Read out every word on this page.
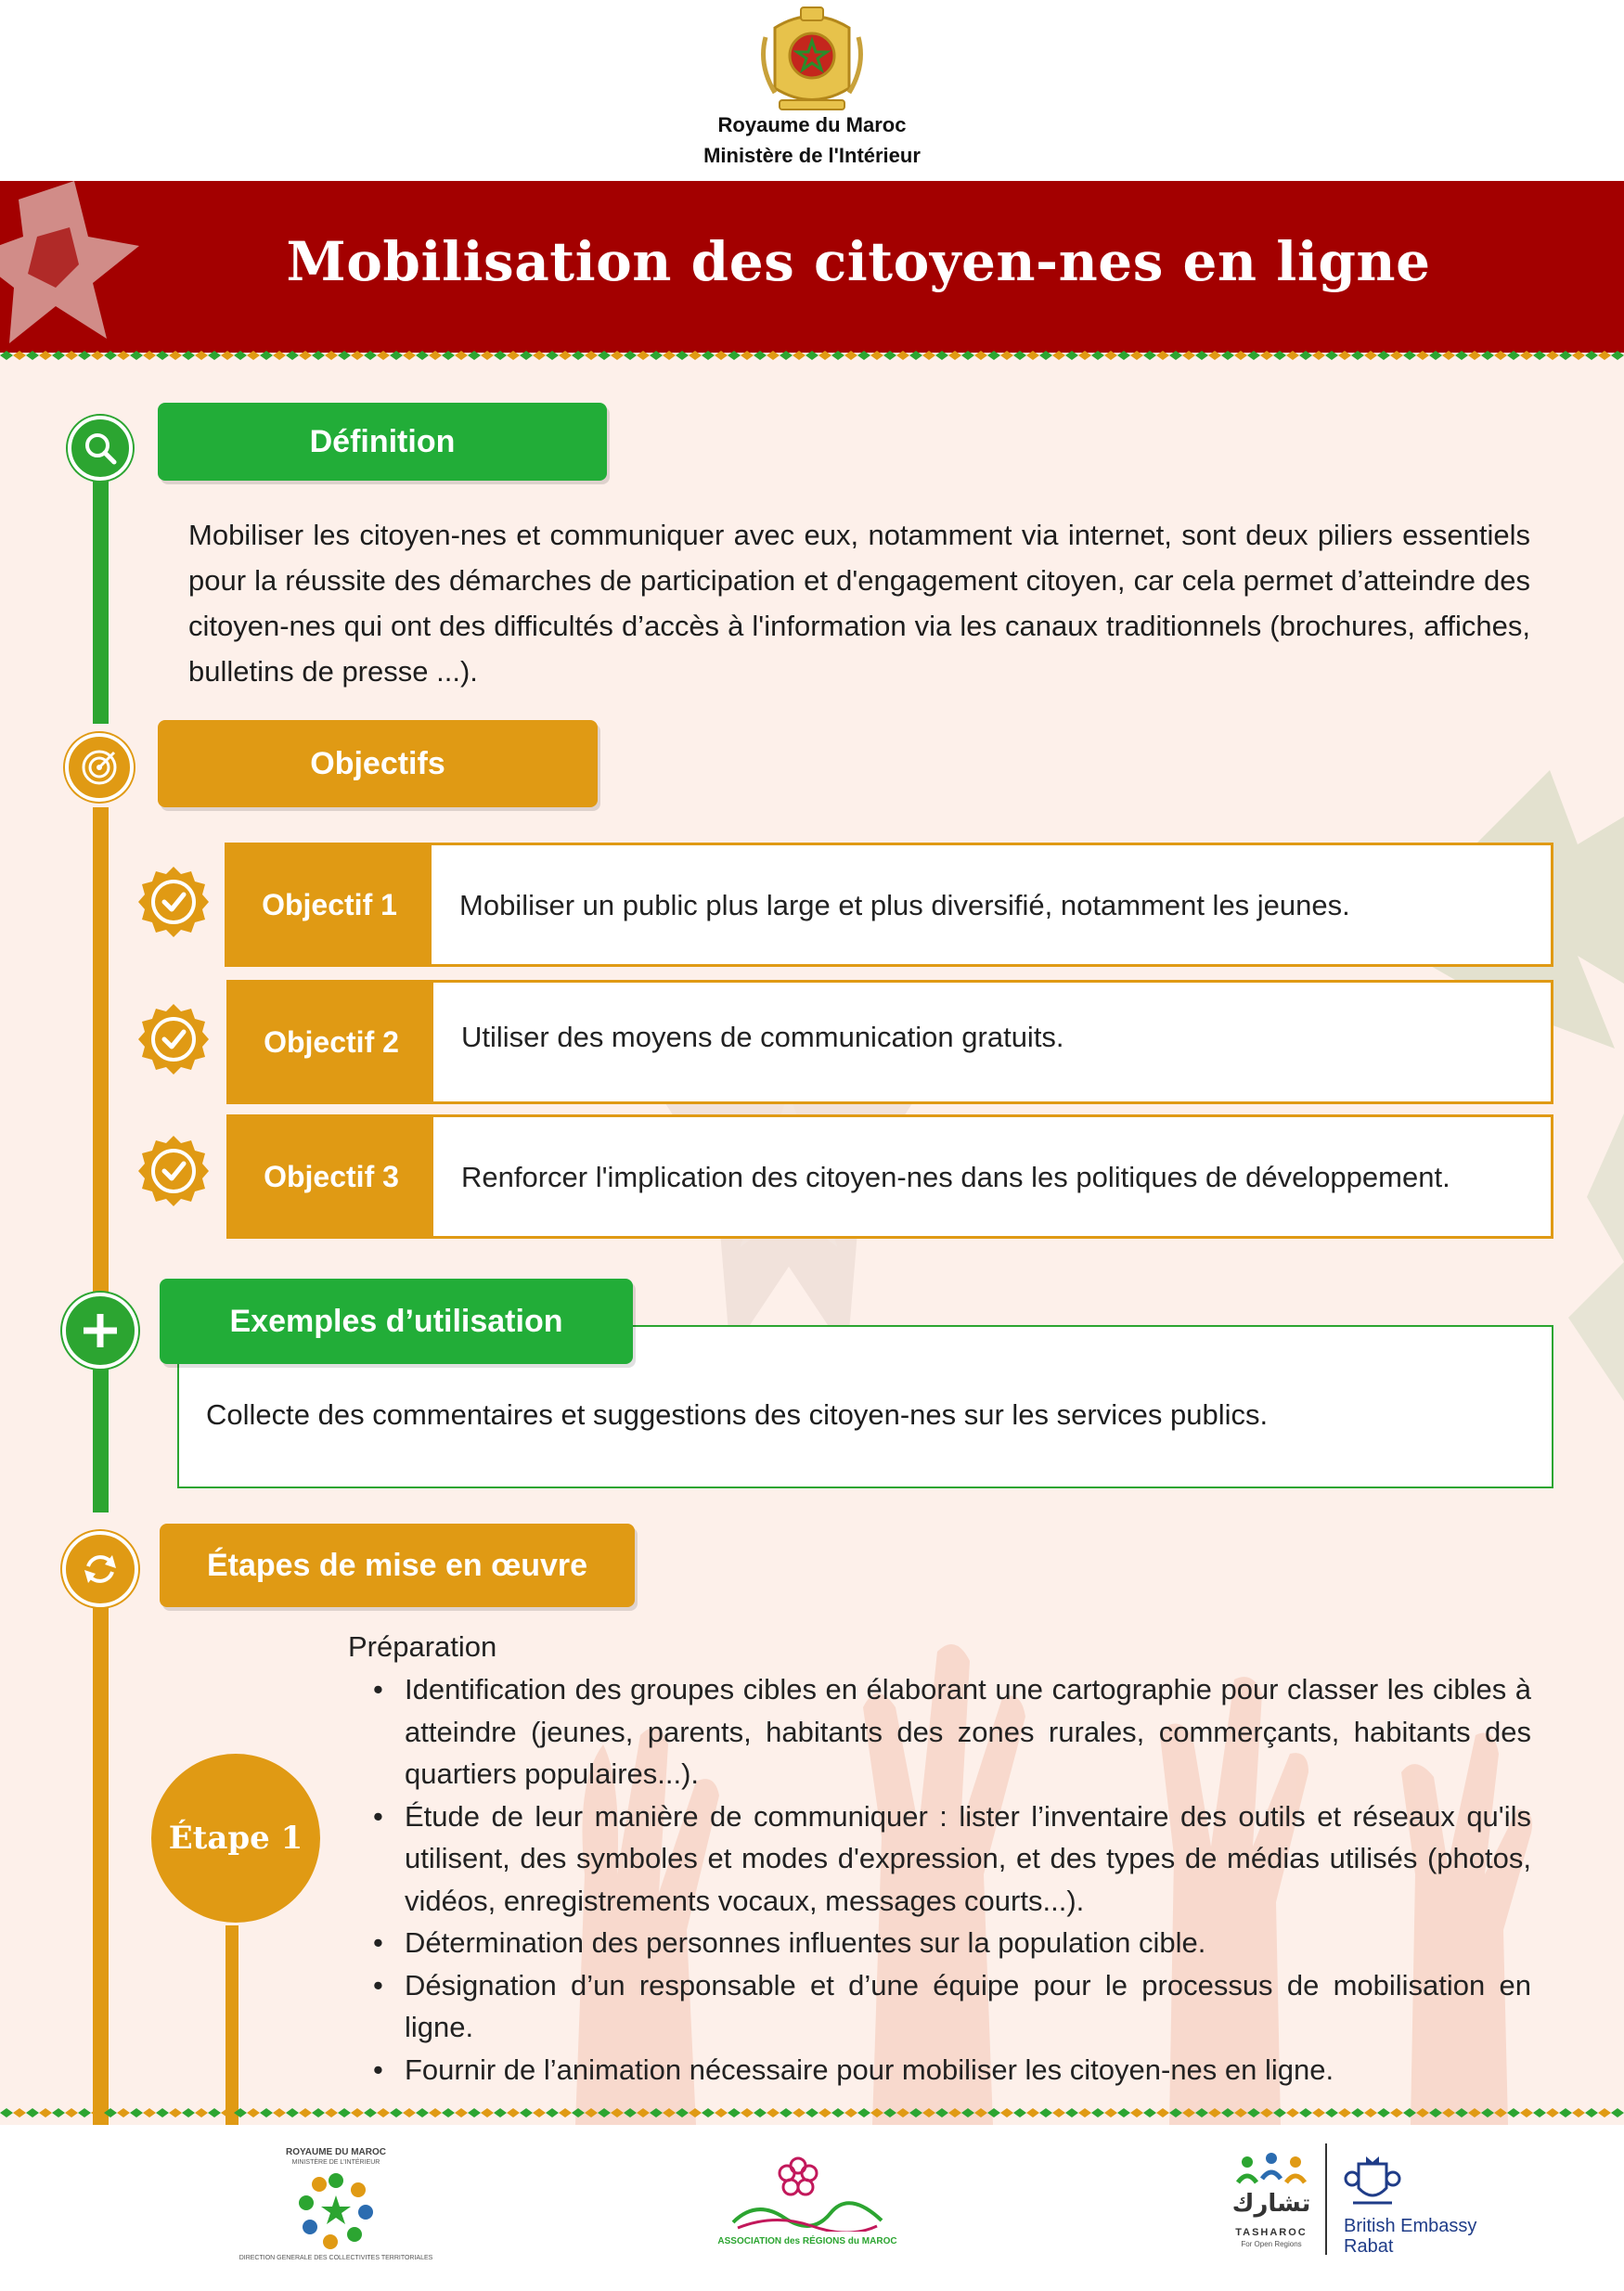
Royaume du Maroc
Ministère de l'Intérieur
Mobilisation des citoyen-nes en ligne
Définition
Mobiliser les citoyen-nes et communiquer avec eux, notamment via internet, sont deux piliers essentiels pour la réussite des démarches de participation et d'engagement citoyen, car cela permet d’atteindre des citoyen-nes qui ont des difficultés d’accès à l'information via les canaux traditionnels (brochures, affiches, bulletins de presse ...).
Objectifs
Objectif 1	Mobiliser un public plus large et plus diversifié, notamment les jeunes.
Objectif 2	Utiliser des moyens de communication gratuits.
Objectif 3	Renforcer l'implication des citoyen-nes dans les politiques de développement.
Exemples d’utilisation
Collecte des commentaires et suggestions des citoyen-nes sur les services publics.
Étapes de mise en œuvre
Étape 1
Préparation
• Identification des groupes cibles en élaborant une cartographie pour classer les cibles à atteindre (jeunes, parents, habitants des zones rurales, commerçants, habitants des quartiers populaires...).
• Étude de leur manière de communiquer : lister l’inventaire des outils et réseaux qu'ils utilisent, des symboles et modes d'expression, et des types de médias utilisés (photos, vidéos, enregistrements vocaux, messages courts...).
• Détermination des personnes influentes sur la population cible.
• Désignation d’un responsable et d’une équipe pour le processus de mobilisation en ligne.
• Fournir de l’animation nécessaire pour mobiliser les citoyen-nes en ligne.
ROYAUME DU MAROC
MINISTÈRE DE L'INTÉRIEUR
DIRECTION GENERALE DES COLLECTIVITES TERRITORIALES
ASSOCIATION des RÉGIONS du MAROC
تشارك
TASHAROC
For Open Regions
British Embassy
Rabat
